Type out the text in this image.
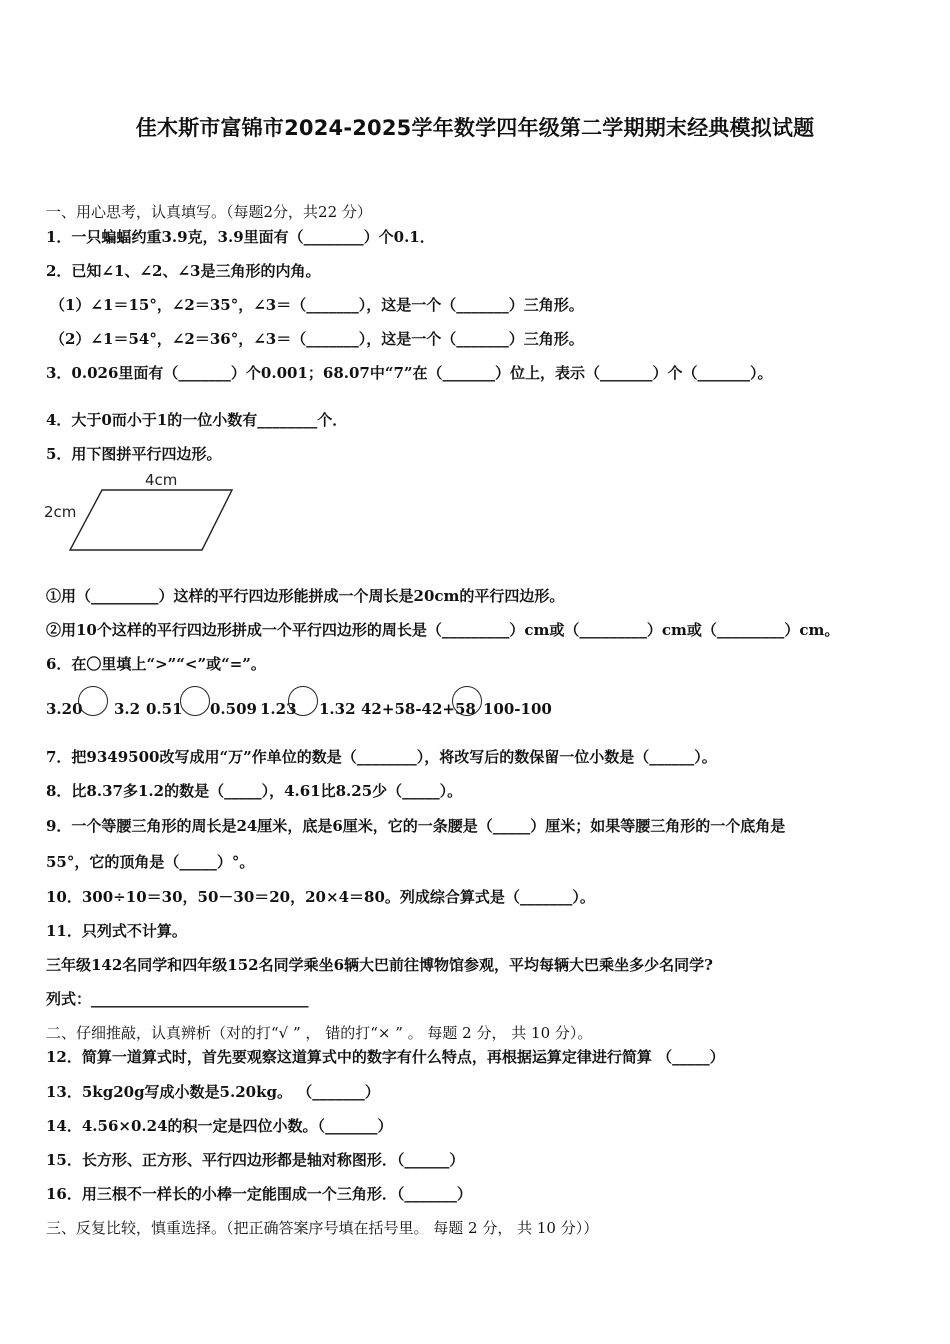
佳木斯市富锦市2024-2025学年数学四年级第二学期期末经典模拟试题
一、用心思考，认真填写。（每题2分，共22 分）
1．一只蝙蝠约重3.9克，3.9里面有（________）个0.1．
2．已知∠1、∠2、∠3是三角形的内角。
（1）∠1＝15°，∠2＝35°，∠3＝（_______），这是一个（_______）三角形。
（2）∠1＝54°，∠2＝36°，∠3＝（_______），这是一个（_______）三角形。
3．0.026里面有（_______）个0.001；68.07中“7”在（_______）位上，表示（_______）个（_______）。
4．大于0而小于1的一位小数有________个．
5．用下图拼平行四边形。
4cm
2cm
①用（_________）这样的平行四边形能拼成一个周长是20cm的平行四边形。
②用10个这样的平行四边形拼成一个平行四边形的周长是（_________）cm或（_________）cm或（_________）cm。
6．在〇里填上“>”“<”或“=”。
3.20 3.2 0.51 0.509 1.23 1.32 42+58-42+58 100-100
7．把9349500改写成用“万”作单位的数是（________），将改写后的数保留一位小数是（______）。
8．比8.37多1.2的数是（_____），4.61比8.25少（_____）。
9．一个等腰三角形的周长是24厘米，底是6厘米，它的一条腰是（_____）厘米；如果等腰三角形的一个底角是
55°，它的顶角是（_____）°。
10．300÷10＝30，50－30＝20，20×4＝80。列成综合算式是（_______）。
11．只列式不计算。
三年级142名同学和四年级152名同学乘坐6辆大巴前往博物馆参观，平均每辆大巴乘坐多少名同学?
列式：_____________________________
二、仔细推敲，认真辨析（对的打“√ ” ， 错的打“× ” 。 每题 2 分， 共 10 分）。
12．简算一道算式时，首先要观察这道算式中的数字有什么特点，再根据运算定律进行简算 （_____）
13．5kg20g写成小数是5.20kg。 （_______）
14．4.56×0.24的积一定是四位小数。（_______）
15．长方形、正方形、平行四边形都是轴对称图形．（______）
16．用三根不一样长的小棒一定能围成一个三角形．（_______）
三、反复比较，慎重选择。（把正确答案序号填在括号里。 每题 2 分， 共 10 分））
